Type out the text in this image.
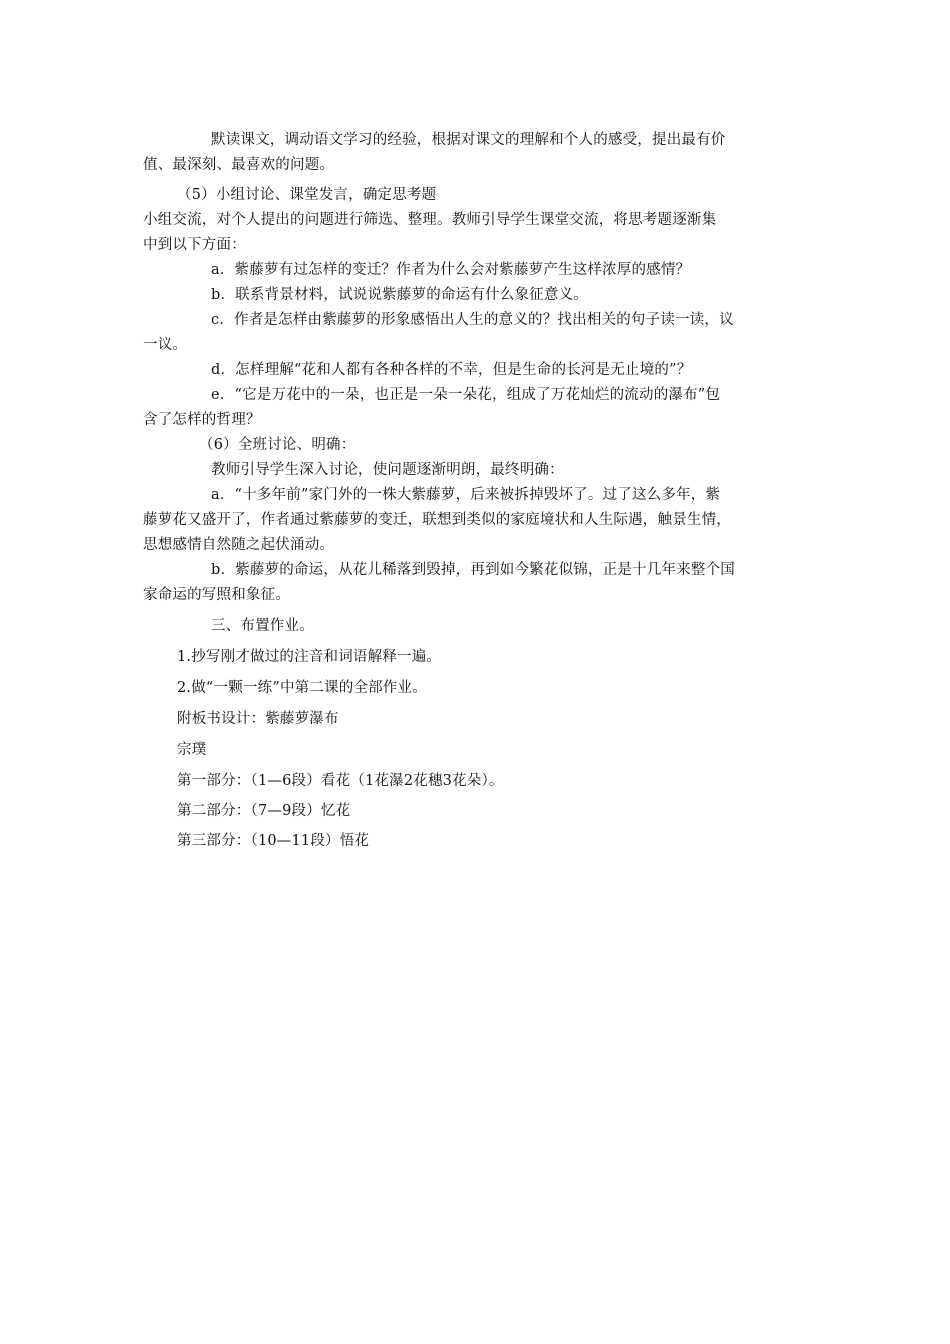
默读课文，调动语文学习的经验，根据对课文的理解和个人的感受，提出最有价
值、最深刻、最喜欢的问题。
（5）小组讨论、课堂发言，确定思考题
小组交流，对个人提出的问题进行筛选、整理。教师引导学生课堂交流，将思考题逐渐集
中到以下方面：
a．紫藤萝有过怎样的变迁？作者为什么会对紫藤萝产生这样浓厚的感情？
b．联系背景材料，试说说紫藤萝的命运有什么象征意义。
c．作者是怎样由紫藤萝的形象感悟出人生的意义的？找出相关的句子读一读，议
一议。
d．怎样理解“花和人都有各种各样的不幸，但是生命的长河是无止境的”？
e．“它是万花中的一朵，也正是一朵一朵花，组成了万花灿烂的流动的瀑布”包
含了怎样的哲理？
（6）全班讨论、明确：
教师引导学生深入讨论，使问题逐渐明朗，最终明确：
a．“十多年前”家门外的一株大紫藤萝，后来被拆掉毁坏了。过了这么多年，紫
藤萝花又盛开了，作者通过紫藤萝的变迁，联想到类似的家庭境状和人生际遇，触景生情，
思想感情自然随之起伏涌动。
b．紫藤萝的命运，从花儿稀落到毁掉，再到如今繁花似锦，正是十几年来整个国
家命运的写照和象征。
三、布置作业。
1.抄写刚才做过的注音和词语解释一遍。
2.做“一颗一练”中第二课的全部作业。
附板书设计：紫藤萝瀑布
宗璞
第一部分：（1—6段）看花（1花瀑2花穗3花朵）。
第二部分：（7—9段）忆花
第三部分：（10—11段）悟花
